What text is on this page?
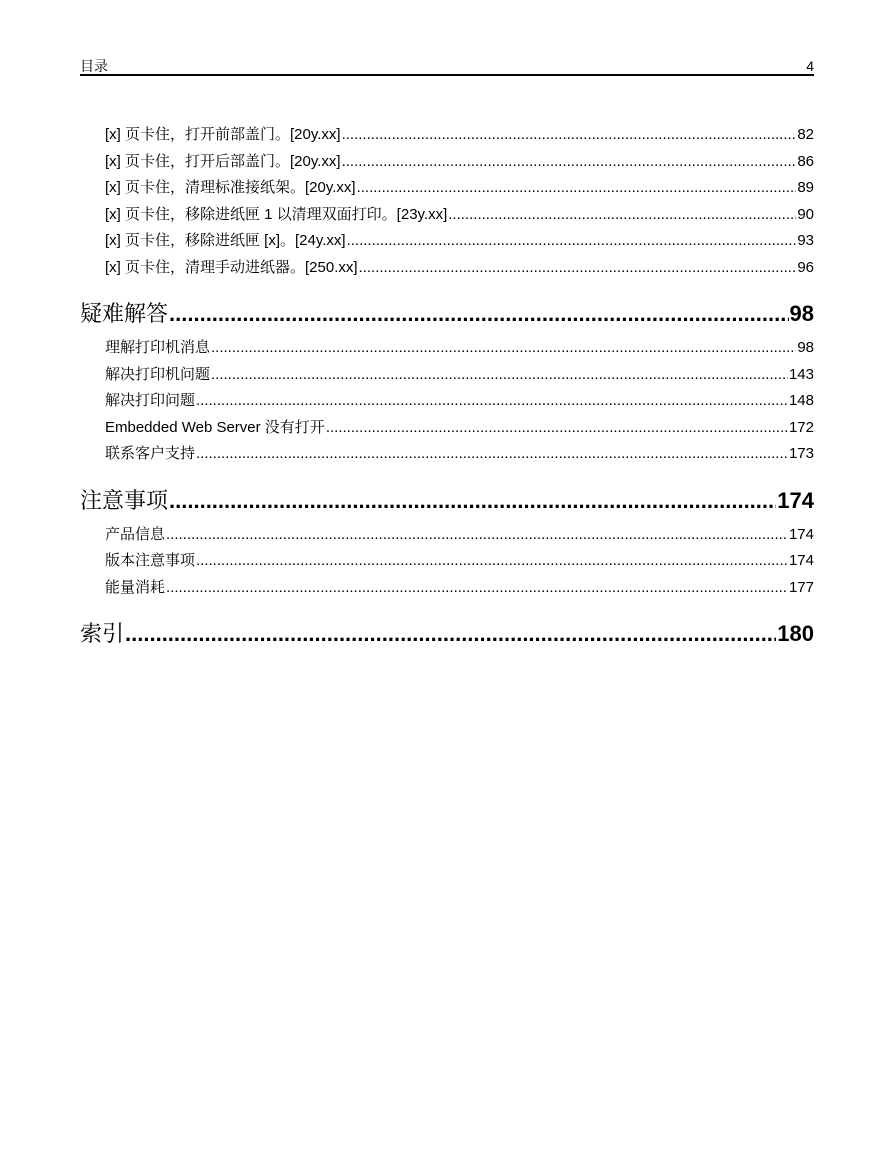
目录	4
[x] 页卡住，打开前部盖门。[20y.xx] .....	82
[x] 页卡住，打开后部盖门。[20y.xx] .....	86
[x] 页卡住，清理标准接纸架。[20y.xx] .....	89
[x] 页卡住，移除进纸匣 1 以清理双面打印。[23y.xx] .....	90
[x] 页卡住，移除进纸匣 [x]。[24y.xx] .....	93
[x] 页卡住，清理手动进纸器。[250.xx] .....	96
疑难解答 .....	98
理解打印机消息 .....	98
解决打印机问题 .....	143
解决打印问题 .....	148
Embedded Web Server 没有打开 .....	172
联系客户支持 .....	173
注意事项 .....	174
产品信息 .....	174
版本注意事项 .....	174
能量消耗 .....	177
索引 .....	180
